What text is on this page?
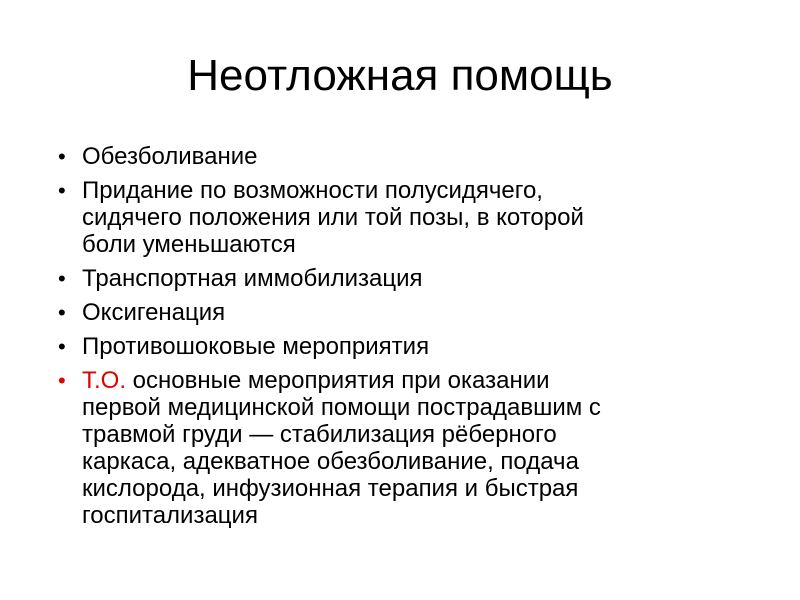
Неотложная помощь
• Обезболивание
• Придание по возможности полусидячего,
сидячего положения или той позы, в которой
боли уменьшаются
• Транспортная иммобилизация
• Оксигенация
• Противошоковые мероприятия
• Т.О. основные мероприятия при оказании
первой медицинской помощи пострадавшим с
травмой груди — стабилизация рёберного
каркаса, адекватное обезболивание, подача
кислорода, инфузионная терапия и быстрая
госпитализация
